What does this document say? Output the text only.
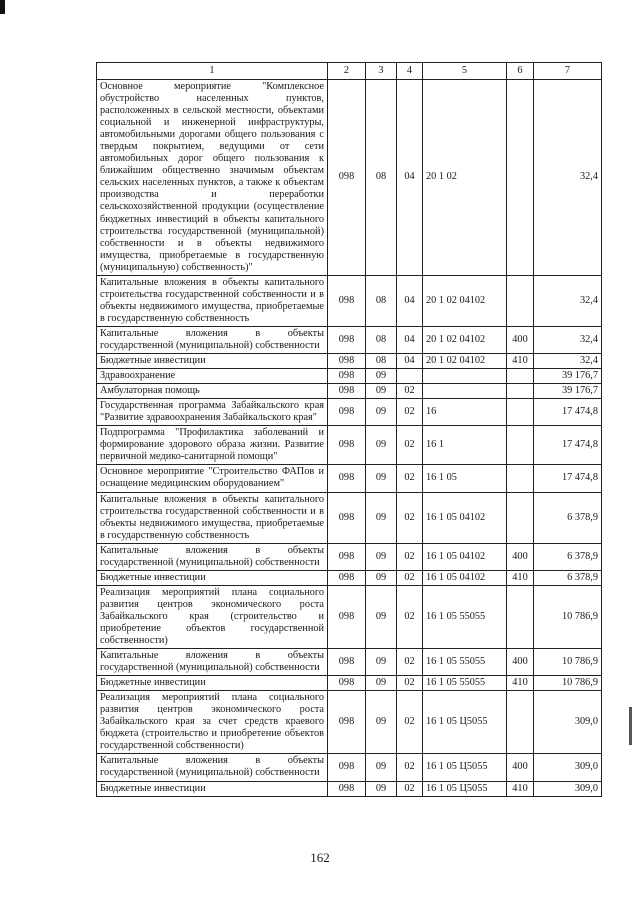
1	2	3	4	5	6	7
Основное мероприятие "Комплексное обустройство населенных пунктов, расположенных в сельской местности, объектами социальной и инженерной инфраструктуры, автомобильными дорогами общего пользования с твердым покрытием, ведущими от сети автомобильных дорог общего пользования к ближайшим общественно значимым объектам сельских населенных пунктов, а также к объектам производства и переработки сельскохозяйственной продукции (осуществление бюджетных инвестиций в объекты капитального строительства государственной (муниципальной) собственности и в объекты недвижимого имущества, приобретаемые в государственную (муниципальную) собственность)"	098	08	04	20 1 02		32,4
Капитальные вложения в объекты капитального строительства государственной собственности и в объекты недвижимого имущества, приобретаемые в государственную собственность	098	08	04	20 1 02 04102		32,4
Капитальные вложения в объекты государственной (муниципальной) собственности	098	08	04	20 1 02 04102	400	32,4
Бюджетные инвестиции	098	08	04	20 1 02 04102	410	32,4
Здравоохранение	098	09				39 176,7
Амбулаторная помощь	098	09	02			39 176,7
Государственная программа Забайкальского края "Развитие здравоохранения Забайкальского края"	098	09	02	16		17 474,8
Подпрограмма "Профилактика заболеваний и формирование здорового образа жизни. Развитие первичной медико-санитарной помощи"	098	09	02	16 1		17 474,8
Основное мероприятие "Строительство ФАПов и оснащение медицинским оборудованием"	098	09	02	16 1 05		17 474,8
Капитальные вложения в объекты капитального строительства государственной собственности и в объекты недвижимого имущества, приобретаемые в государственную собственность	098	09	02	16 1 05 04102		6 378,9
Капитальные вложения в объекты государственной (муниципальной) собственности	098	09	02	16 1 05 04102	400	6 378,9
Бюджетные инвестиции	098	09	02	16 1 05 04102	410	6 378,9
Реализация мероприятий плана социального развития центров экономического роста Забайкальского края (строительство и приобретение объектов государственной собственности)	098	09	02	16 1 05 55055		10 786,9
Капитальные вложения в объекты государственной (муниципальной) собственности	098	09	02	16 1 05 55055	400	10 786,9
Бюджетные инвестиции	098	09	02	16 1 05 55055	410	10 786,9
Реализация мероприятий плана социального развития центров экономического роста Забайкальского края за счет средств краевого бюджета (строительство и приобретение объектов государственной собственности)	098	09	02	16 1 05 Ц5055		309,0
Капитальные вложения в объекты государственной (муниципальной) собственности	098	09	02	16 1 05 Ц5055	400	309,0
Бюджетные инвестиции	098	09	02	16 1 05 Ц5055	410	309,0
162
